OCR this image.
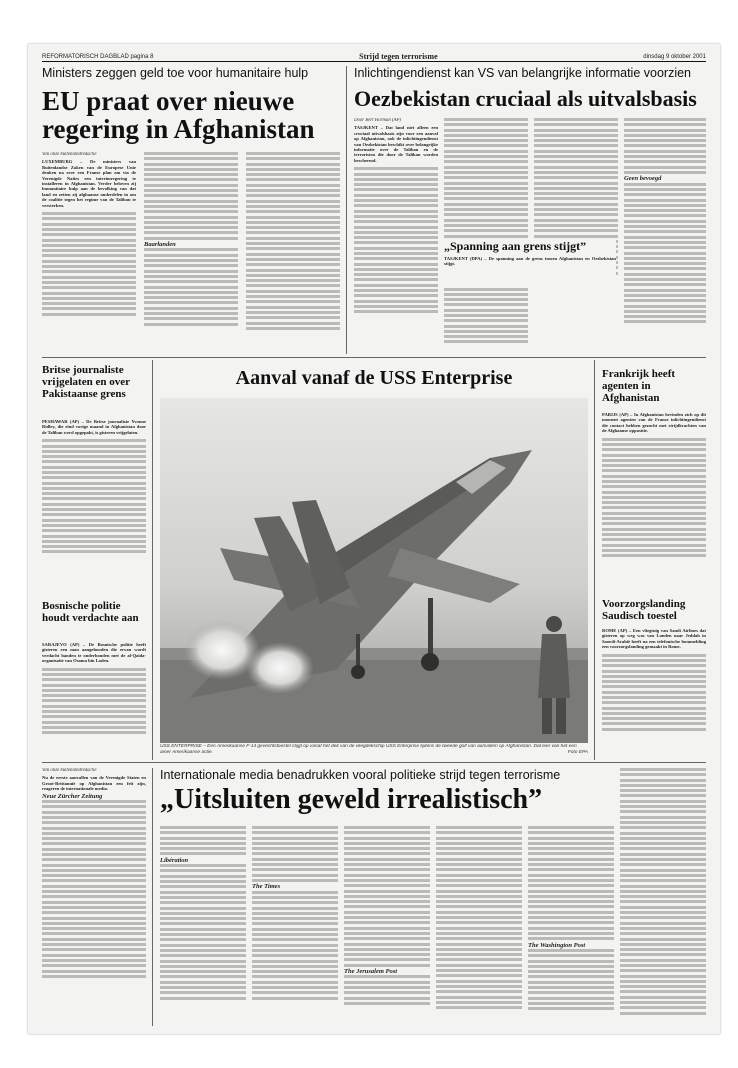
REFORMATORISCH DAGBLAD pagina 8	Strijd tegen terrorisme	dinsdag 9 oktober 2001
Ministers zeggen geld toe voor humanitaire hulp
EU praat over nieuwe regering in Afghanistan
Van onze buitenlandredactie
LUXEMBURG – De ministers van Buitenlandse Zaken van de Europese Unie denken na over een Franse plan om via de Verenigde Naties een interimregering te installeren in Afghanistan. Verder beloven zij humanitaire hulp aan de bevolking van dat land en zetten zij afghaanse onderdelen in om de coalitie tegen het regime van de Taliban te versterken.
Baarlanden
Inlichtingendienst kan VS van belangrijke informatie voorzien
Oezbekistan cruciaal als uitvalsbasis
Door Bert Horman (AP)
TASJKENT – Dat land niet alleen een cruciaal uitvalsbasis zijn voor een aanval op Afghanistan, ook de inlichtingendienst van Oezbekistan beschikt over belangrijke informatie over de Taliban en de terroristen die door de Taliban worden beschermd.
Geen bevoegd
„Spanning aan grens stijgt”
TASJKENT (DPA) – De spanning aan de grens tussen Afghanistan en Oezbekistan stijgt.
Britse journaliste vrijgelaten en over Pakistaanse grens
PESHAWAR (AP) – De Britse journaliste Yvonne Ridley, die eind vorige maand in Afghanistan door de Taliban werd opgepakt, is gisteren vrijgelaten.
Bosnische politie houdt verdachte aan
SARAJEVO (AP) – De Bosnische politie heeft gisteren een man aangehouden die ervan wordt verdacht banden te onderhouden met de al-Qaida-organisatie van Osama bin Laden.
Aanval vanaf de USS Enterprise
USS ENTERPRISE – Een Amerikaanse F-14 gevechtstoestel stijgt op vanaf het dek van de vliegdekschip USS Enterprise tijdens de tweede golf van aanvallen op Afghanistan. Dat leer van het een amer Amerikaanse actie.	Foto EPA
Frankrijk heeft agenten in Afghanistan
PARIJS (AP) – In Afghanistan bevinden zich op dit moment agenten van de Franse inlichtingendienst die contact hebben gezocht met strijdkrachten van de Afghaanse oppositie.
Voorzorgslanding Saudisch toestel
ROME (AP) – Een vliegtuig van Saudi Airlines dat gisteren op weg was van Londen naar Jeddah in Saoedi-Arabië heeft na een telefonische bommelding een voorzorgslanding gemaakt in Rome.
Van onze buitenlandredactie
Nu de eerste aanvallen van de Verenigde Staten en Groot-Brittannië op Afghanistan een feit zijn, reageren de internationale media.
Neue Zürcher Zeitung
Internationale media benadrukken vooral politieke strijd tegen terrorisme
„Uitsluiten geweld irrealistisch”
Libération
The Times
The Jerusalem Post
The Washington Post
